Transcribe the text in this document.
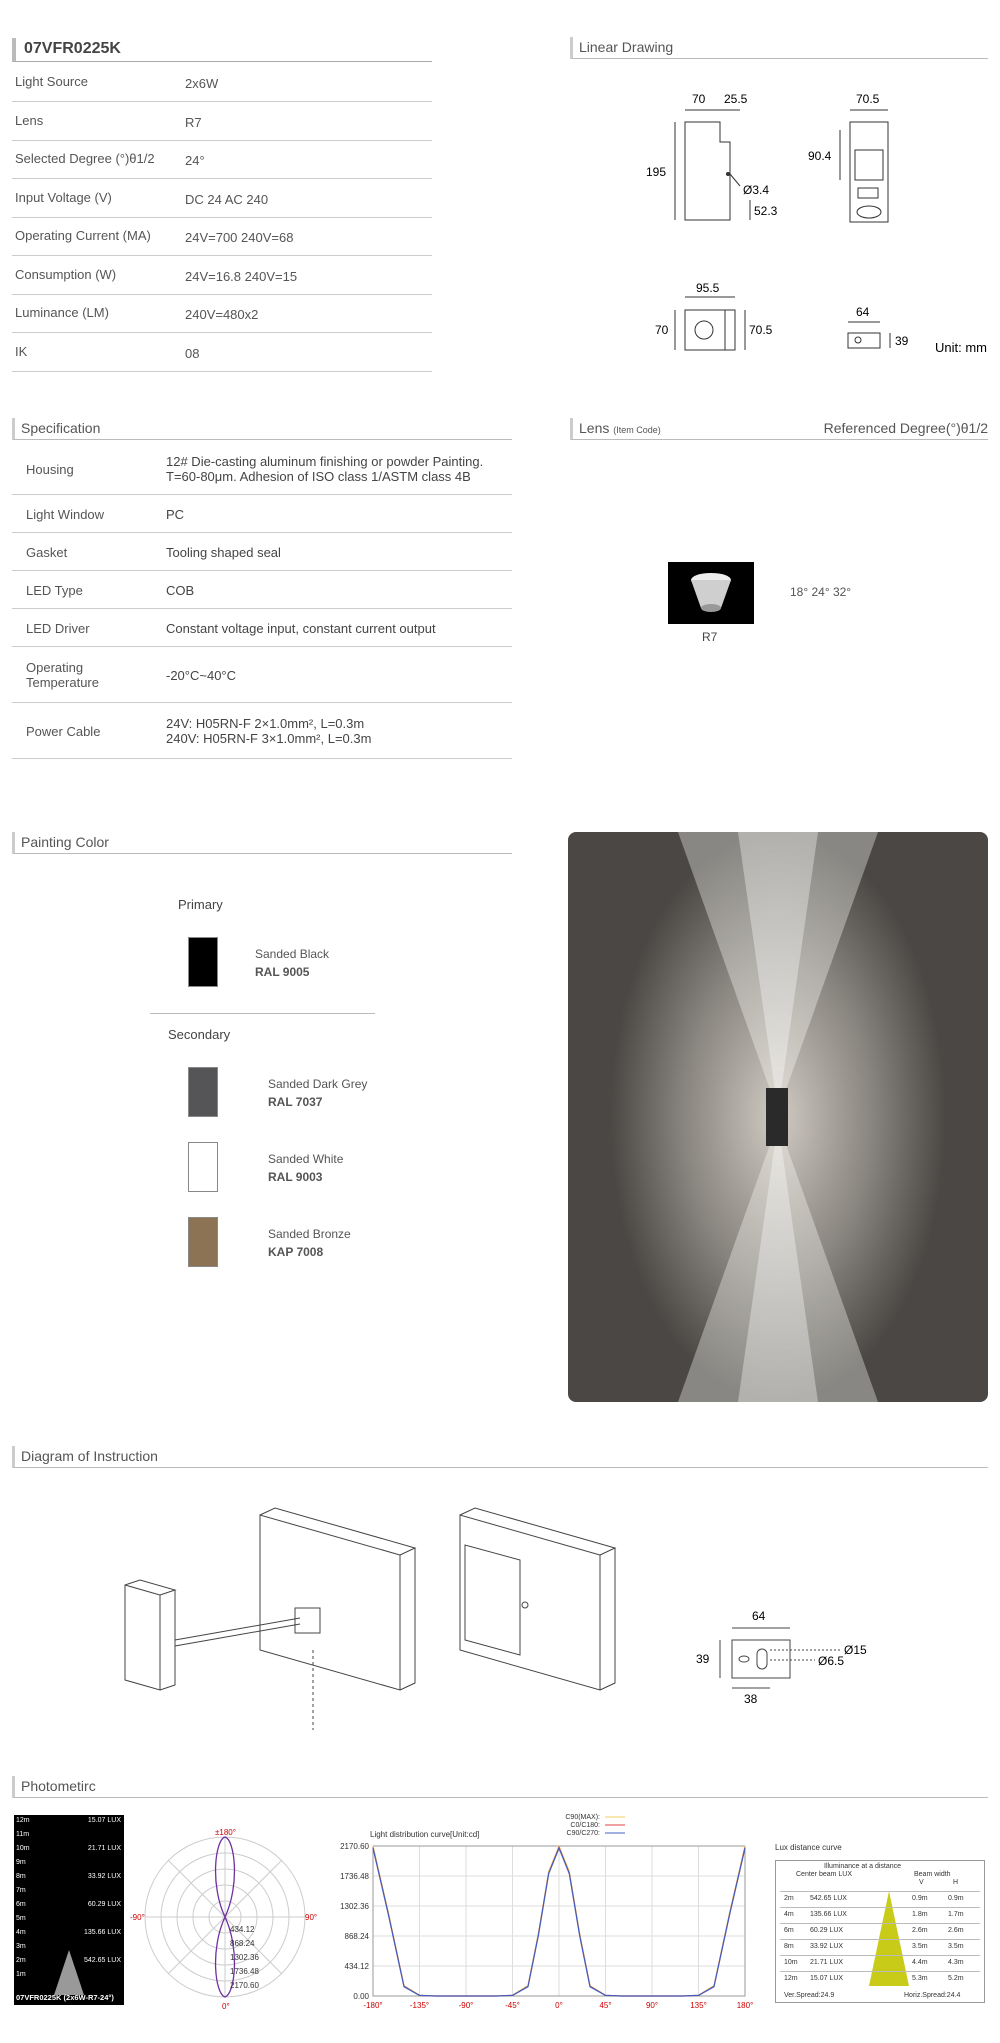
07VFR0225K
Light Source	2x6W
Lens	R7
Selected Degree (°)θ1/2 24°
Input Voltage (V)	DC 24 AC 240
Operating Current (MA)	24V=700 240V=68
Consumption (W)	24V=16.8 240V=15
Luminance (LM)	240V=480x2
IK	08
Linear Drawing
70 25.5
195
Ø3.4
52.3
70.5
90.4
95.5
70	70.5
64
39 Unit: mm
Specification
Housing	12# Die-casting aluminum finishing or powder Painting.
T=60-80μm. Adhesion of ISO class 1/ASTM class 4B
Light Window	PC
Gasket	Tooling shaped seal
LED Type	COB
LED Driver	Constant voltage input, constant current output
Operating
Temperature	-20°C~40°C
Power Cable	24V: H05RN-F 2×1.0mm², L=0.3m
240V: H05RN-F 3×1.0mm², L=0.3m
Lens (Item Code)	Referenced Degree(°)θ1/2
R7
18° 24° 32°
Painting Color
Primary
Sanded Black
RAL 9005
Secondary
Sanded Dark Grey
RAL 7037
Sanded White
RAL 9003
Sanded Bronze
KAP 7008
Diagram of Instruction
64
39
38
Ø15
Ø6.5
Photometirc
12m
11m
10m
9m
8m
7m
6m
5m
4m
3m
2m
1m
15.07 LUX
21.71 LUX
33.92 LUX
60.29 LUX
135.66 LUX
542.65 LUX
07VFR0225K (2x6W-R7-24°)
±180°
-90°	90°
0°
434.12
868.24
1302.36
1736.48
2170.60
Light distribution curve[Unit:cd]
2170.60
1736.48
1302.36
868.24
434.12
0.00
-180°	-135°	-90°	-45°	0°	45°	90°	135°	180°
C90(MAX):
C0/C180:
C90/C270:
Lux distance curve
Illuminance at a distance
Center beam LUX	Beam width
V	H
2m 542.65 LUX	0.9m	0.9m
4m 135.66 LUX	1.8m	1.7m
6m 60.29 LUX	2.6m	2.6m
8m 33.92 LUX	3.5m	3.5m
10m 21.71 LUX	4.4m	4.3m
12m 15.07 LUX	5.3m	5.2m
Ver.Spread:24.9	Horiz.Spread:24.4
